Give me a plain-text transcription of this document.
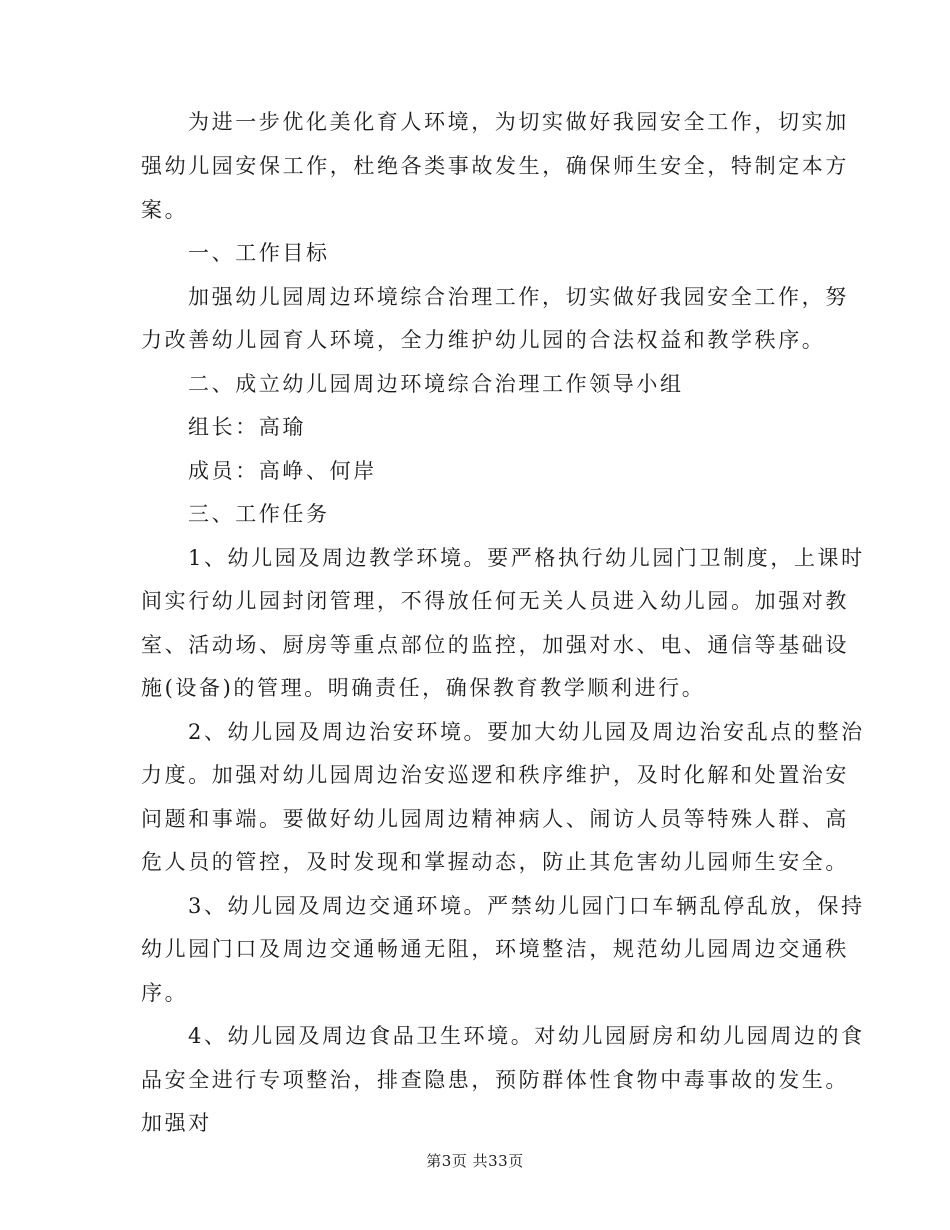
为进一步优化美化育人环境，为切实做好我园安全工作，切实加
强幼儿园安保工作，杜绝各类事故发生，确保师生安全，特制定本方
案。
一、工作目标
加强幼儿园周边环境综合治理工作，切实做好我园安全工作，努
力改善幼儿园育人环境，全力维护幼儿园的合法权益和教学秩序。
二、成立幼儿园周边环境综合治理工作领导小组
组长：高瑜
成员：高峥、何岸
三、工作任务
1、幼儿园及周边教学环境。要严格执行幼儿园门卫制度，上课时
间实行幼儿园封闭管理，不得放任何无关人员进入幼儿园。加强对教
室、活动场、厨房等重点部位的监控，加强对水、电、通信等基础设
施(设备)的管理。明确责任，确保教育教学顺利进行。
2、幼儿园及周边治安环境。要加大幼儿园及周边治安乱点的整治
力度。加强对幼儿园周边治安巡逻和秩序维护，及时化解和处置治安
问题和事端。要做好幼儿园周边精神病人、闹访人员等特殊人群、高
危人员的管控，及时发现和掌握动态，防止其危害幼儿园师生安全。
3、幼儿园及周边交通环境。严禁幼儿园门口车辆乱停乱放，保持
幼儿园门口及周边交通畅通无阻，环境整洁，规范幼儿园周边交通秩
序。
4、幼儿园及周边食品卫生环境。对幼儿园厨房和幼儿园周边的食
品安全进行专项整治，排查隐患，预防群体性食物中毒事故的发生。
加强对
第3页 共33页
